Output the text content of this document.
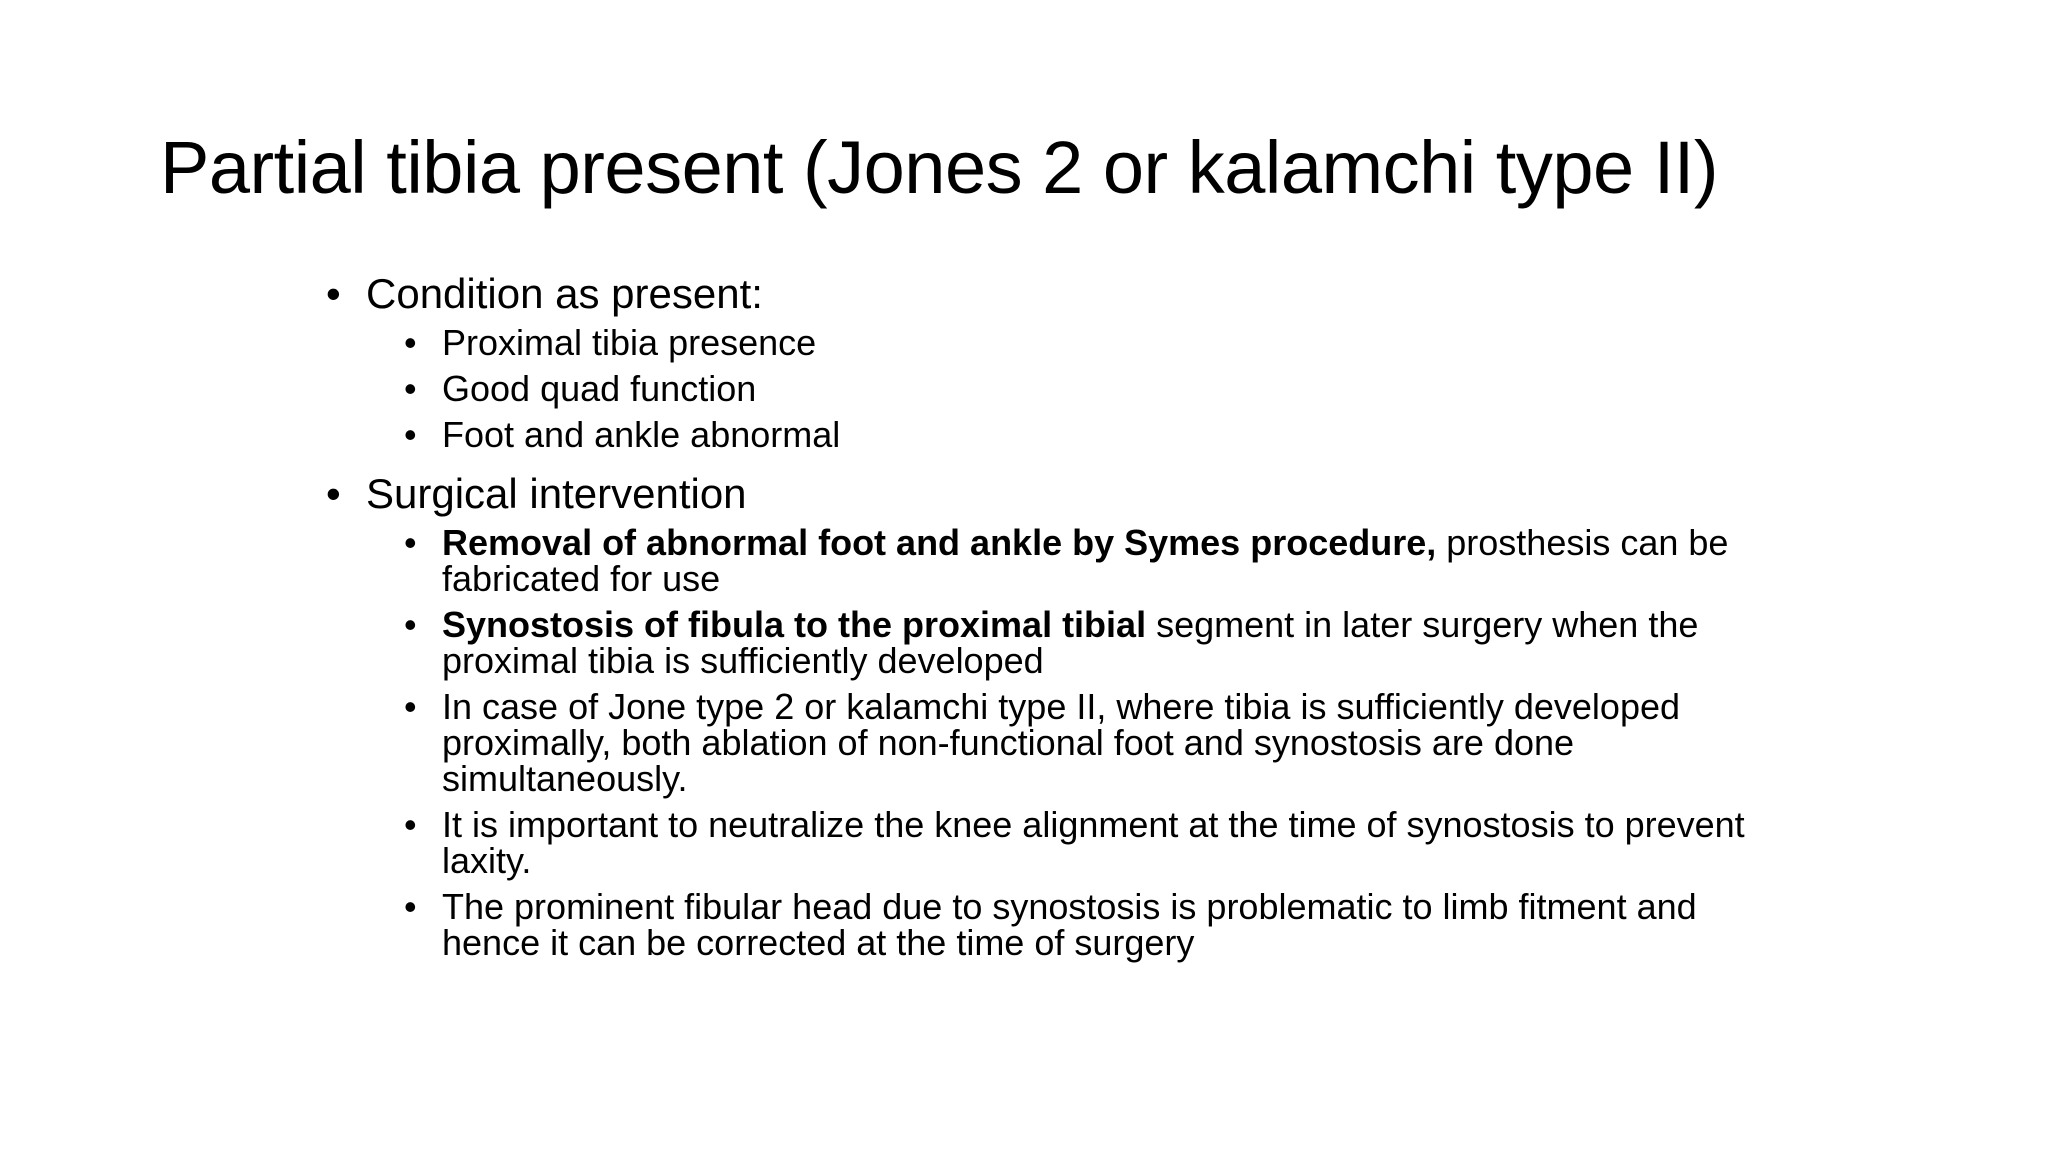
Partial tibia present (Jones 2 or kalamchi type II)
• Condition as present:
• Proximal tibia presence
• Good quad function
• Foot and ankle abnormal
• Surgical intervention
• Removal of abnormal foot and ankle by Symes procedure, prosthesis can be fabricated for use
• Synostosis of fibula to the proximal tibial segment in later surgery when the proximal tibia is sufficiently developed
• In case of Jone type 2 or kalamchi type II, where tibia is sufficiently developed proximally, both ablation of non-functional foot and synostosis are done simultaneously.
• It is important to neutralize the knee alignment at the time of synostosis to prevent laxity.
• The prominent fibular head due to synostosis is problematic to limb fitment and hence it can be corrected at the time of surgery
